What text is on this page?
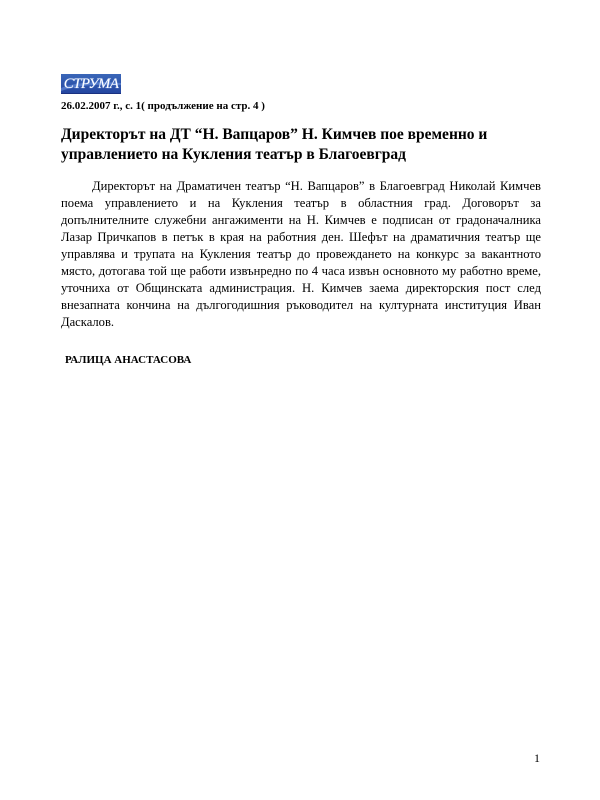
СТРУМА
26.02.2007 г., с. 1( продължение на стр. 4 )
Директорът на ДТ “Н. Вапцаров” Н. Кимчев пое временно и управлението на Кукления театър в Благоевград

Директорът на Драматичен театър “Н. Вапцаров” в Благоевград Николай Кимчев поема управлението и на Кукления театър в областния град. Договорът за допълнителните служебни ангажименти на Н. Кимчев е подписан от градоначалника Лазар Причкапов в петък в края на работния ден. Шефът на драматичния театър ще управлява и трупата на Кукления театър до провеждането на конкурс за вакантното място, дотогава той ще работи извънредно по 4 часа извън основното му работно време, уточниха от Общинската администрация. Н. Кимчев заема директорския пост след внезапната кончина на дългогодишния ръководител на културната институция Иван Даскалов.

РАЛИЦА АНАСТАСОВА
1
